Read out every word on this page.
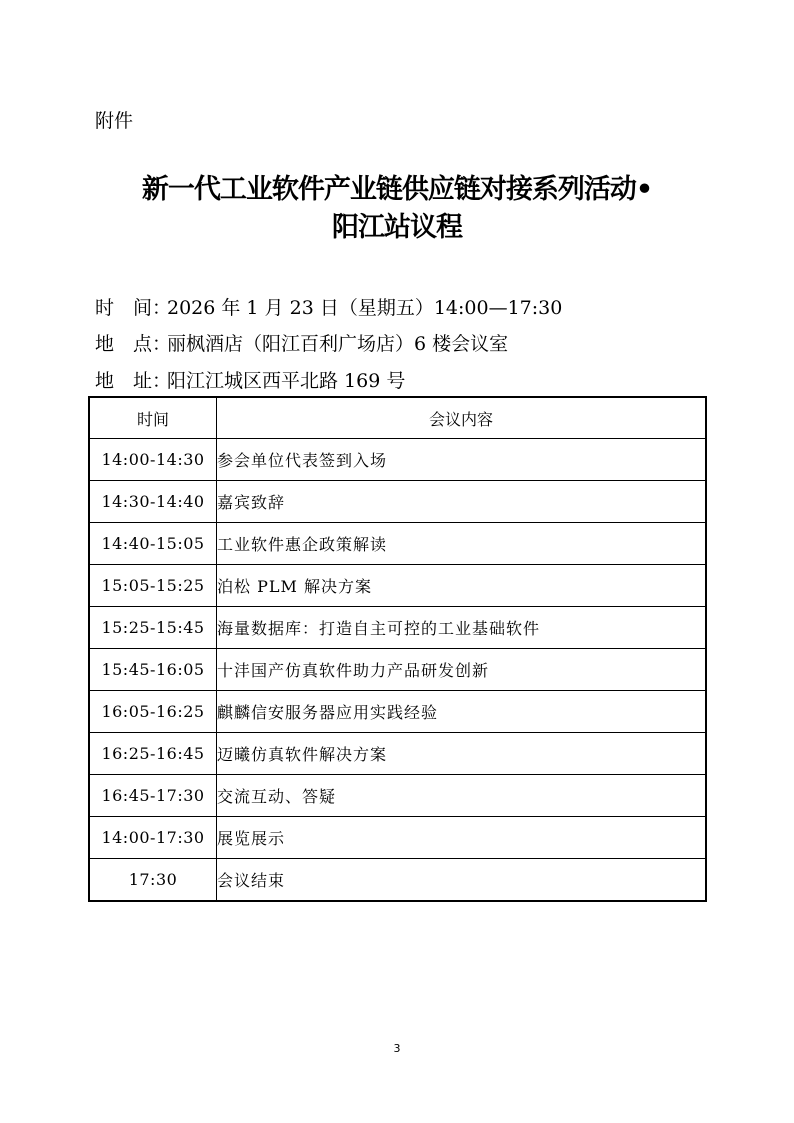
附件
新一代工业软件产业链供应链对接系列活动•
阳江站议程
时　间：2026 年 1 月 23 日（星期五）14:00—17:30
地　点：丽枫酒店（阳江百利广场店）6 楼会议室
地　址：阳江江城区西平北路 169 号
时间	会议内容
14:00-14:30	参会单位代表签到入场
14:30-14:40	嘉宾致辞
14:40-15:05	工业软件惠企政策解读
15:05-15:25	泊松 PLM 解决方案
15:25-15:45	海量数据库：打造自主可控的工业基础软件
15:45-16:05	十沣国产仿真软件助力产品研发创新
16:05-16:25	麒麟信安服务器应用实践经验
16:25-16:45	迈曦仿真软件解决方案
16:45-17:30	交流互动、答疑
14:00-17:30	展览展示
17:30	会议结束
3
